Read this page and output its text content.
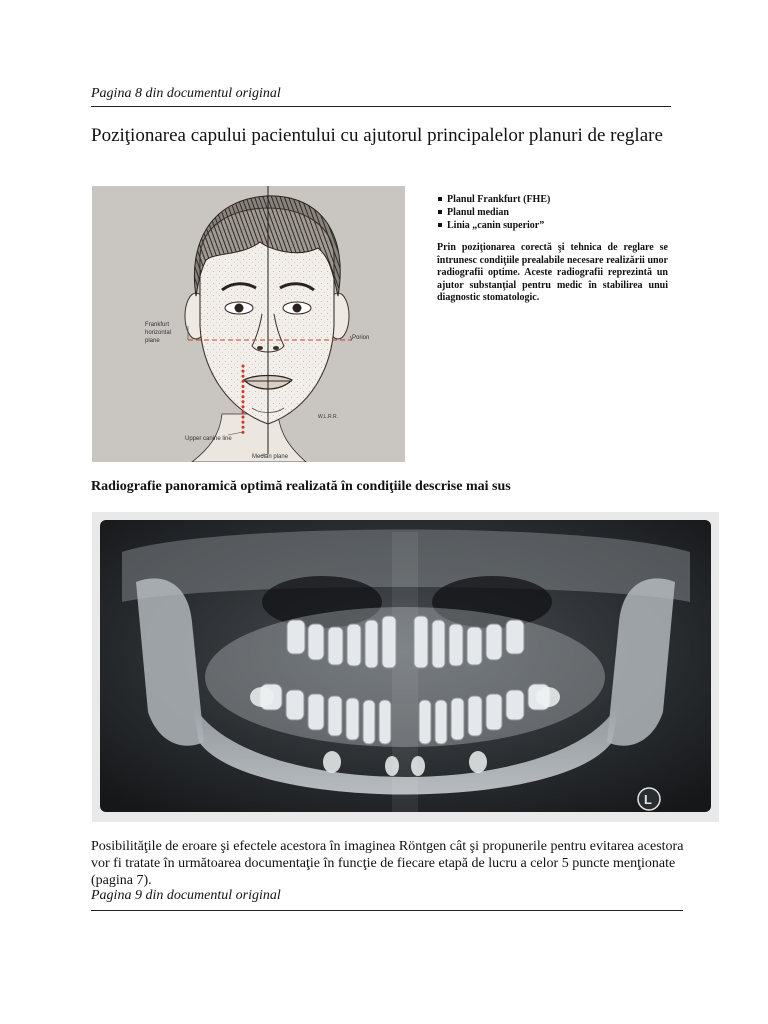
Pagina 8 din documentul original
Poziţionarea capului pacientului cu ajutorul principalelor planuri de reglare
Frankfurt
horizontal
plane	Porion
Upper canine line
Median plane
W.L.R.R.
Planul Frankfurt (FHE)
Planul median
Linia „canin superior”

Prin poziţionarea corectă şi tehnica de reglare se întrunesc condiţiile prealabile necesare realizării unor radiografii optime. Aceste radiografii reprezintă un ajutor substanţial pentru medic în stabilirea unui diagnostic stomatologic.

Radiografie panoramică optimă realizată în condiţiile descrise mai sus
L

Posibilităţile de eroare şi efectele acestora în imaginea Röntgen cât şi propunerile pentru evitarea acestora vor fi tratate în următoarea documentaţie în funcţie de fiecare etapă de lucru a celor 5 puncte menţionate (pagina 7).

Pagina 9 din documentul original
